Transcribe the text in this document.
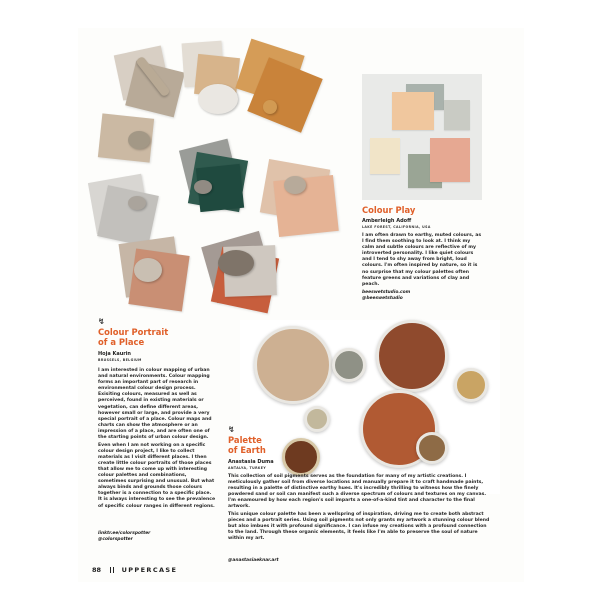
Colour Play

Amberleigh Adoff

LAKE FOREST, CALIFORNIA, USA

I am often drawn to earthy, muted colours, as I find them soothing to look at. I think my calm and subtle colours are reflective of my introverted personality. I like quiet colours and I tend to shy away from bright, loud colours. I'm often inspired by nature, so it is no surprise that my colour palettes often feature greens and variations of clay and peach.

beeswetstudio.com

@beeswetstudio

↯
Colour Portrait
of a Place

Hoja Kaurin

BRUSSELS, BELGIUM

I am interested in colour mapping of urban and natural environments. Colour mapping forms an important part of research in environmental colour design process. Exisiting colours, measured as well as perceived, found in existing materials or vegetation, can define different areas, however small or large, and provide a very special portrait of a place. Colour maps and charts can show the atmosphere or an impression of a place, and are often one of the starting points of urban colour design.

Even when I am not working on a specific colour design project, I like to collect materials as I visit different places. I then create little colour portraits of those places that allow me to come up with interesting colour palettes and combinations, sometimes surprising and unusual. But what always binds and grounds those colours together is a connection to a specific place. It is always interesting to see the prevalence of specific colour ranges in different regions.

linktr.ee/colorspotter

@colorspotter

↯
Palette
of Earth

Anastasia Duma

ANTALYA, TURKEY

This collection of soil pigments serves as the foundation for many of my artistic creations. I meticulously gather soil from diverse locations and manually prepare it to craft handmade paints, resulting in a palette of distinctive earthy hues. It's incredibly thrilling to witness how the finely powdered sand or soil can manifest such a diverse spectrum of colours and textures on my canvas. I'm enamoured by how each region's soil imparts a one-of-a-kind tint and character to the final artwork.

This unique colour palette has been a wellspring of inspiration, driving me to create both abstract pieces and a portrait series. Using soil pigments not only grants my artwork a stunning colour blend but also imbues it with profound significance. I can infuse my creations with a profound connection to the land. Through these organic elements, it feels like I'm able to preserve the soul of nature within my art.

@anastasiaeknar.art

88	UPPERCASE
